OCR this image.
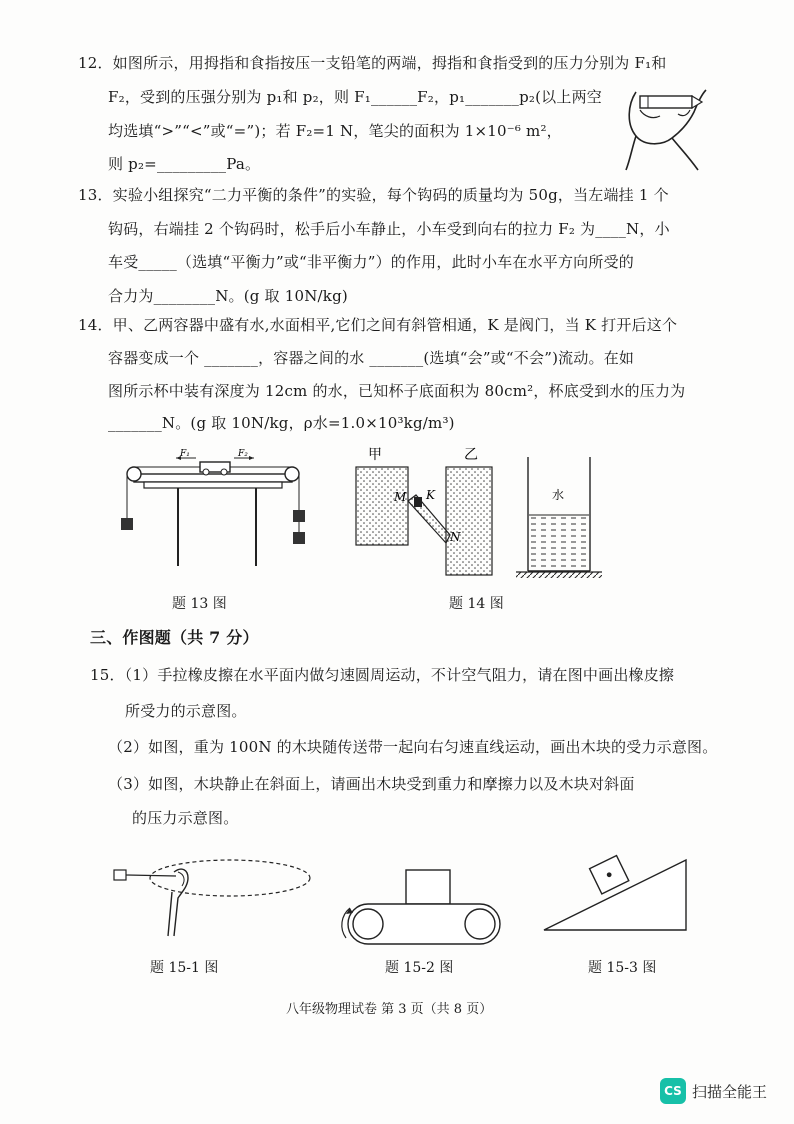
12．如图所示，用拇指和食指按压一支铅笔的两端，拇指和食指受到的压力分别为 F₁和
F₂，受到的压强分别为 p₁和 p₂，则 F₁______F₂，p₁_______p₂(以上两空
均选填“>”“<”或“=”)；若 F₂=1 N，笔尖的面积为 1×10⁻⁶ m²，
则 p₂=_________Pa。
13．实验小组探究“二力平衡的条件”的实验，每个钩码的质量均为 50g，当左端挂 1 个
钩码，右端挂 2 个钩码时，松手后小车静止，小车受到向右的拉力 F₂ 为____N，小
车受_____（选填“平衡力”或“非平衡力”）的作用，此时小车在水平方向所受的
合力为________N。(g 取 10N/kg)
14．甲、乙两容器中盛有水,水面相平,它们之间有斜管相通，K 是阀门，当 K 打开后这个
容器变成一个 _______，容器之间的水 _______(选填“会”或“不会”)流动。在如
图所示杯中装有深度为 12cm 的水，已知杯子底面积为 80cm²，杯底受到水的压力为
_______N。(g 取 10N/kg，ρ水=1.0×10³kg/m³)
F₁	F₂
题 13 图
甲	乙
M K
N
水
题 14 图
三、作图题（共 7 分）
15．（1）手拉橡皮擦在水平面内做匀速圆周运动，不计空气阻力，请在图中画出橡皮擦
所受力的示意图。
（2）如图，重为 100N 的木块随传送带一起向右匀速直线运动，画出木块的受力示意图。
（3）如图，木块静止在斜面上，请画出木块受到重力和摩擦力以及木块对斜面
的压力示意图。
题 15-1 图	题 15-2 图	题 15-3 图
八年级物理试卷 第 3 页（共 8 页）
CS 扫描全能王
